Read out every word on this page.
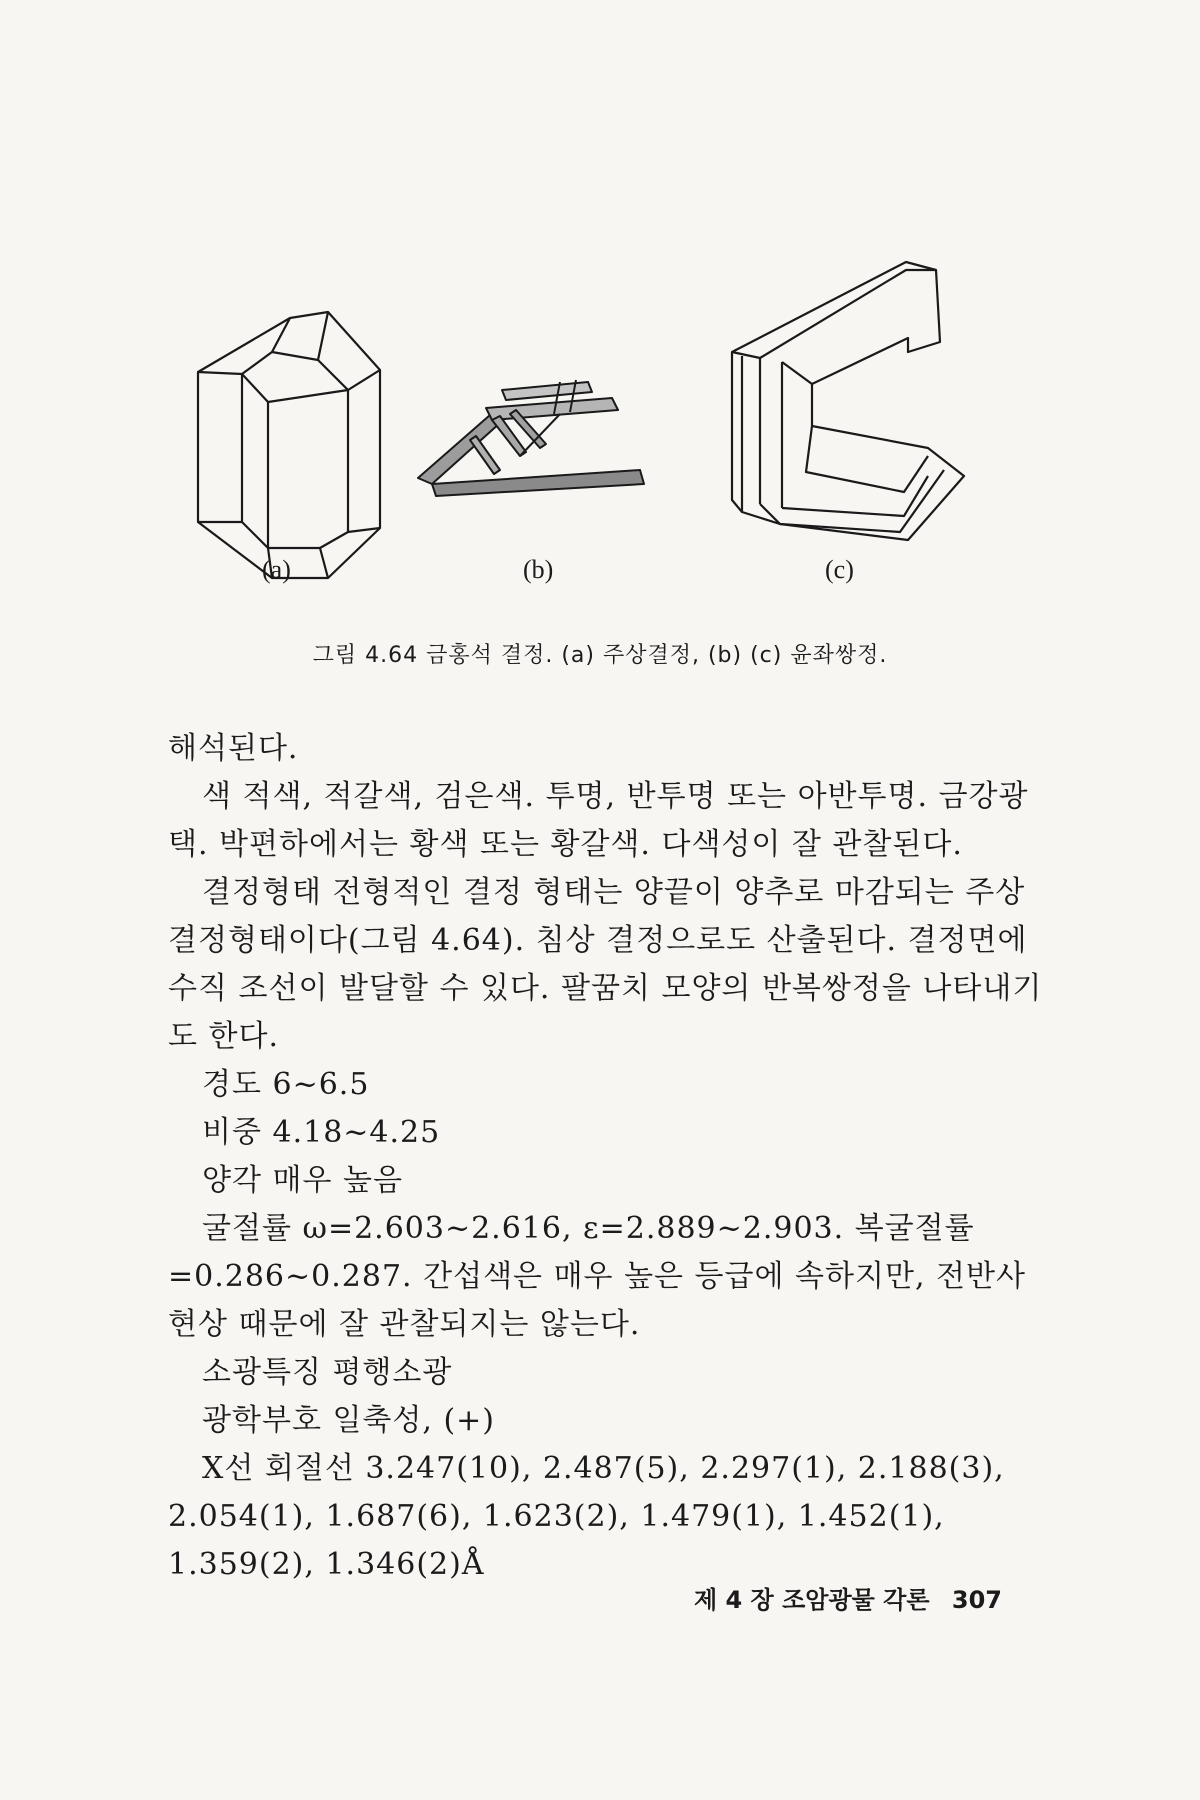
(a)	(b)	(c)
그림 4.64 금홍석 결정. (a) 주상결정, (b) (c) 윤좌쌍정.

해석된다.

색 적색, 적갈색, 검은색. 투명, 반투명 또는 아반투명. 금강광택. 박편하에서는 황색 또는 황갈색. 다색성이 잘 관찰된다.

결정형태 전형적인 결정 형태는 양끝이 양추로 마감되는 주상결정형태이다(그림 4.64). 침상 결정으로도 산출된다. 결정면에 수직 조선이 발달할 수 있다. 팔꿈치 모양의 반복쌍정을 나타내기도 한다.

경도 6~6.5

비중 4.18~4.25

양각 매우 높음

굴절률 ω=2.603~2.616, ε=2.889~2.903. 복굴절률=0.286~0.287. 간섭색은 매우 높은 등급에 속하지만, 전반사 현상 때문에 잘 관찰되지는 않는다.

소광특징 평행소광

광학부호 일축성, (+)

X선 회절선 3.247(10), 2.487(5), 2.297(1), 2.188(3), 2.054(1), 1.687(6), 1.623(2), 1.479(1), 1.452(1), 1.359(2), 1.346(2)Å

제 4 장 조암광물 각론 307
